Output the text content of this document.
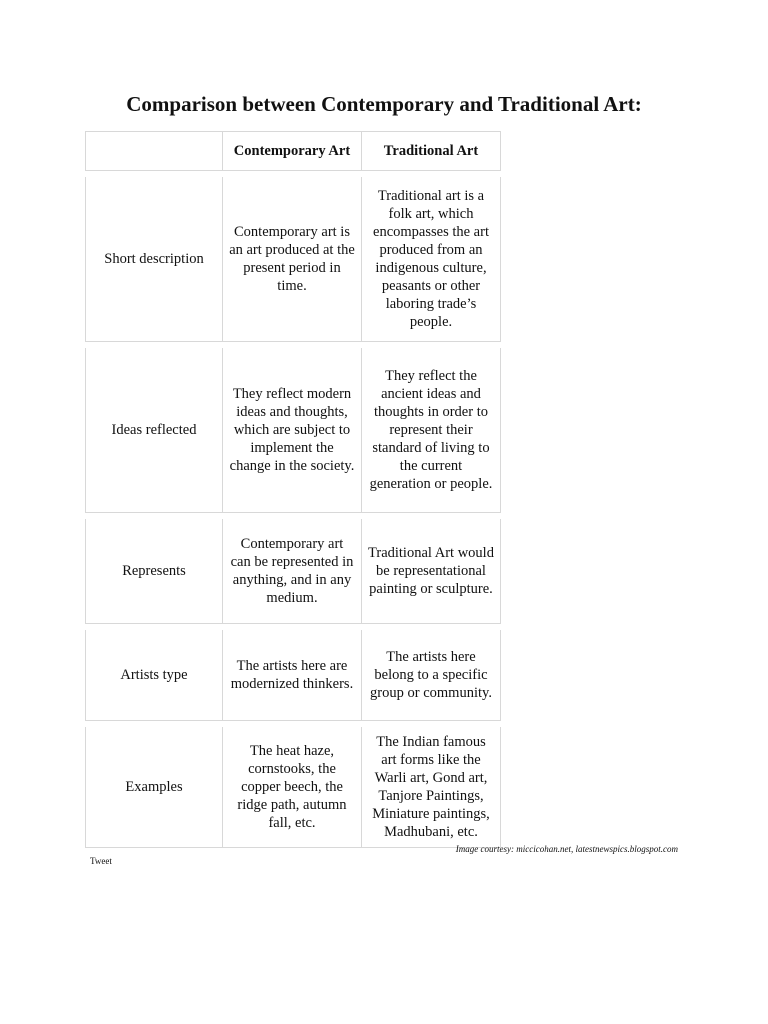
Comparison between Contemporary and Traditional Art:
	Contemporary Art	Traditional Art

Short description	Contemporary art is an art produced at the present period in time.	Traditional art is a folk art, which encompasses the art produced from an indigenous culture, peasants or other laboring trade’s people.

Ideas reflected	They reflect modern ideas and thoughts, which are subject to implement the change in the society.	They reflect the ancient ideas and thoughts in order to represent their standard of living to the current generation or people.

Represents	Contemporary art can be represented in anything, and in any medium.	Traditional Art would be representational painting or sculpture.

Artists type	The artists here are modernized thinkers.	The artists here belong to a specific group or community.

Examples	The heat haze, cornstooks, the copper beech, the ridge path, autumn fall, etc.	The Indian famous art forms like the Warli art, Gond art, Tanjore Paintings, Miniature paintings, Madhubani, etc.
Image courtesy: miccicohan.net, latestnewspics.blogspot.com
Tweet
